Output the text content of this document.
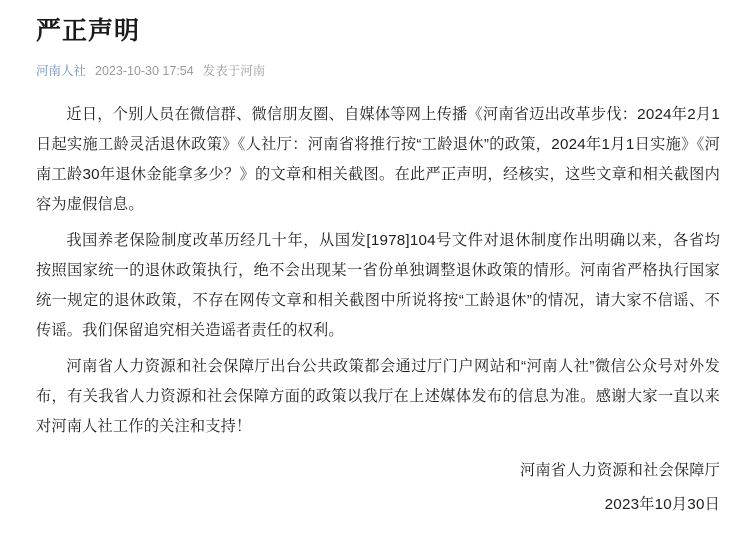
严正声明
河南人社 2023-10-30 17:54 发表于河南

近日，个别人员在微信群、微信朋友圈、自媒体等网上传播《河南省迈出改革步伐：2024年2月1日起实施工龄灵活退休政策》《人社厅：河南省将推行按“工龄退休”的政策，2024年1月1日实施》《河南工龄30年退休金能拿多少？》的文章和相关截图。在此严正声明，经核实，这些文章和相关截图内容为虚假信息。

我国养老保险制度改革历经几十年，从国发[1978]104号文件对退休制度作出明确以来，各省均按照国家统一的退休政策执行，绝不会出现某一省份单独调整退休政策的情形。河南省严格执行国家统一规定的退休政策，不存在网传文章和相关截图中所说将按“工龄退休”的情况，请大家不信谣、不传谣。我们保留追究相关造谣者责任的权利。

河南省人力资源和社会保障厅出台公共政策都会通过厅门户网站和“河南人社”微信公众号对外发布，有关我省人力资源和社会保障方面的政策以我厅在上述媒体发布的信息为准。感谢大家一直以来对河南人社工作的关注和支持！

河南省人力资源和社会保障厅

2023年10月30日
